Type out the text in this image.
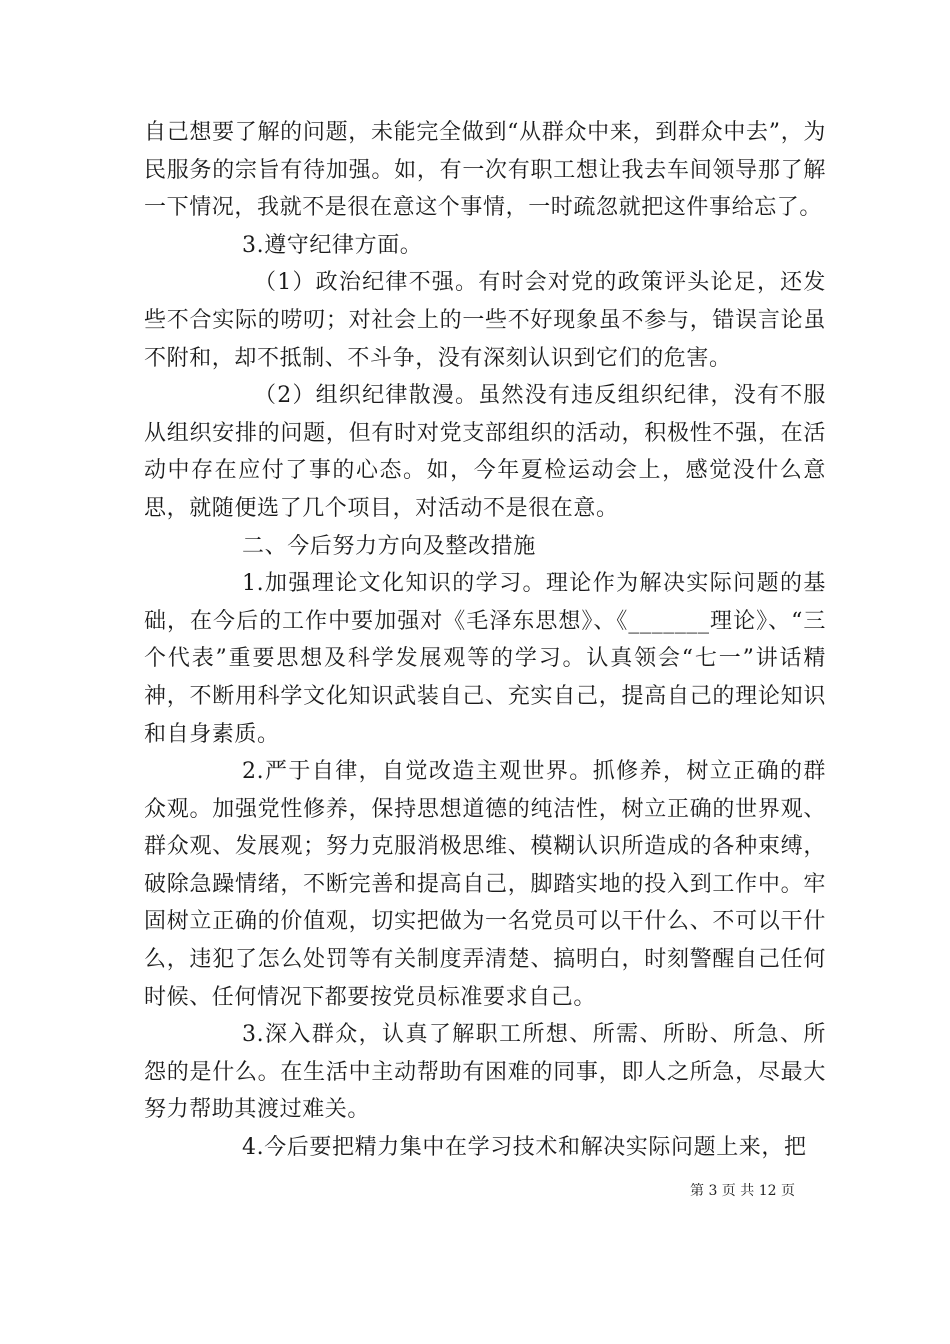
自己想要了解的问题，未能完全做到“从群众中来，到群众中去”，为民服务的宗旨有待加强。如，有一次有职工想让我去车间领导那了解一下情况，我就不是很在意这个事情，一时疏忽就把这件事给忘了。

3.遵守纪律方面。

（1）政治纪律不强。有时会对党的政策评头论足，还发些不合实际的唠叨；对社会上的一些不好现象虽不参与，错误言论虽不附和，却不抵制、不斗争，没有深刻认识到它们的危害。

（2）组织纪律散漫。虽然没有违反组织纪律，没有不服从组织安排的问题，但有时对党支部组织的活动，积极性不强，在活动中存在应付了事的心态。如，今年夏检运动会上，感觉没什么意思，就随便选了几个项目，对活动不是很在意。

二、今后努力方向及整改措施

1.加强理论文化知识的学习。理论作为解决实际问题的基础，在今后的工作中要加强对《毛泽东思想》、《_______理论》、“三个代表”重要思想及科学发展观等的学习。认真领会“七一”讲话精神，不断用科学文化知识武装自己、充实自己，提高自己的理论知识和自身素质。

2.严于自律，自觉改造主观世界。抓修养，树立正确的群众观。加强党性修养，保持思想道德的纯洁性，树立正确的世界观、群众观、发展观；努力克服消极思维、模糊认识所造成的各种束缚，破除急躁情绪，不断完善和提高自己，脚踏实地的投入到工作中。牢固树立正确的价值观，切实把做为一名党员可以干什么、不可以干什么，违犯了怎么处罚等有关制度弄清楚、搞明白，时刻警醒自己任何时候、任何情况下都要按党员标准要求自己。

3.深入群众，认真了解职工所想、所需、所盼、所急、所怨的是什么。在生活中主动帮助有困难的同事，即人之所急，尽最大努力帮助其渡过难关。

4.今后要把精力集中在学习技术和解决实际问题上来，把

第 3 页 共 12 页
